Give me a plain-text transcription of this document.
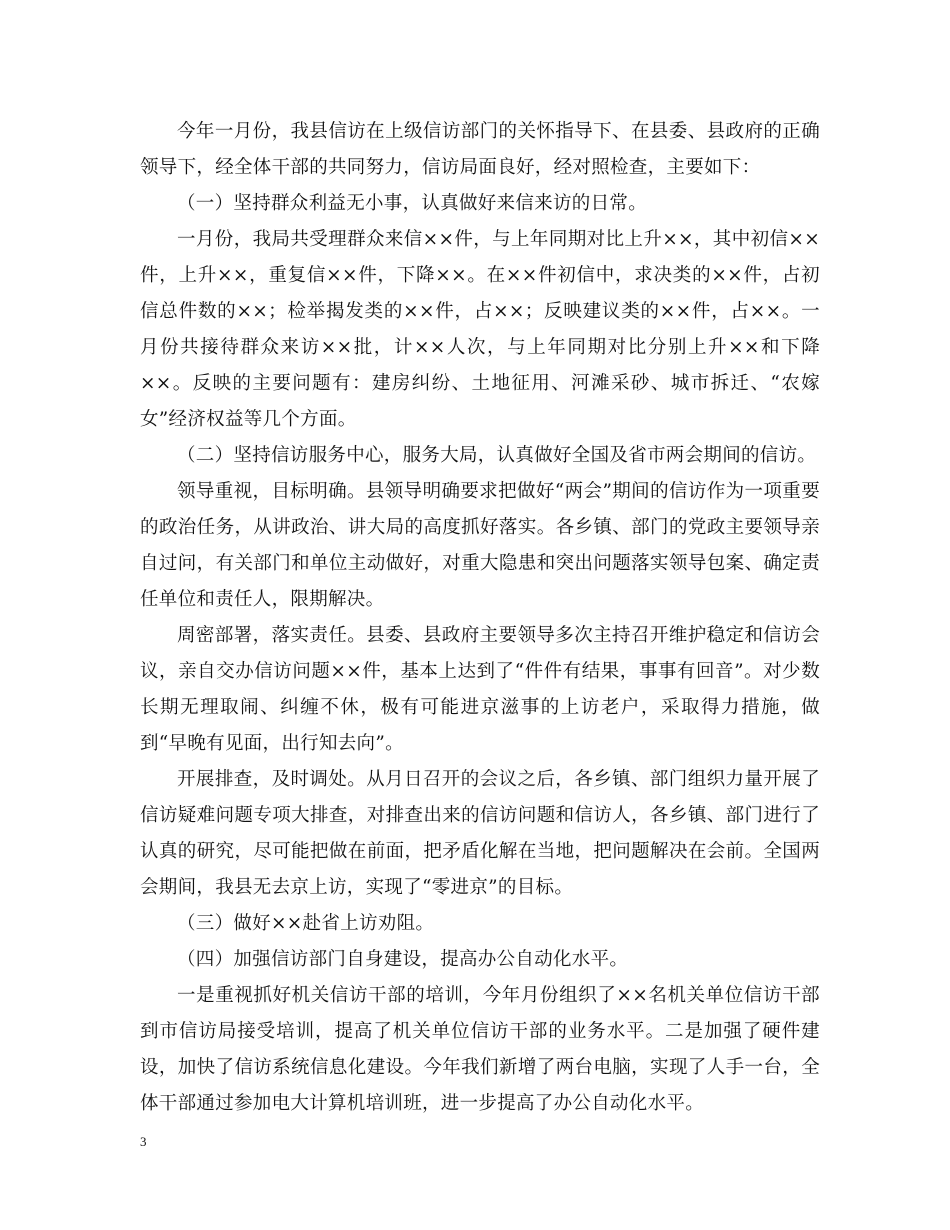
今年一月份，我县信访在上级信访部门的关怀指导下、在县委、县政府的正确领导下，经全体干部的共同努力，信访局面良好，经对照检查，主要如下：

（一）坚持群众利益无小事，认真做好来信来访的日常。

一月份，我局共受理群众来信××件，与上年同期对比上升××，其中初信××件，上升××，重复信××件，下降××。在××件初信中，求决类的××件，占初信总件数的××；检举揭发类的××件，占××；反映建议类的××件，占××。一月份共接待群众来访××批，计××人次，与上年同期对比分别上升××和下降××。反映的主要问题有：建房纠纷、土地征用、河滩采砂、城市拆迁、“农嫁女”经济权益等几个方面。

（二）坚持信访服务中心，服务大局，认真做好全国及省市两会期间的信访。

领导重视，目标明确。县领导明确要求把做好“两会”期间的信访作为一项重要的政治任务，从讲政治、讲大局的高度抓好落实。各乡镇、部门的党政主要领导亲自过问，有关部门和单位主动做好，对重大隐患和突出问题落实领导包案、确定责任单位和责任人，限期解决。

周密部署，落实责任。县委、县政府主要领导多次主持召开维护稳定和信访会议，亲自交办信访问题××件，基本上达到了“件件有结果，事事有回音”。对少数长期无理取闹、纠缠不休，极有可能进京滋事的上访老户，采取得力措施，做到“早晚有见面，出行知去向”。

开展排查，及时调处。从月日召开的会议之后，各乡镇、部门组织力量开展了信访疑难问题专项大排查，对排查出来的信访问题和信访人，各乡镇、部门进行了认真的研究，尽可能把做在前面，把矛盾化解在当地，把问题解决在会前。全国两会期间，我县无去京上访，实现了“零进京”的目标。

（三）做好××赴省上访劝阻。

（四）加强信访部门自身建设，提高办公自动化水平。

一是重视抓好机关信访干部的培训，今年月份组织了××名机关单位信访干部到市信访局接受培训，提高了机关单位信访干部的业务水平。二是加强了硬件建设，加快了信访系统信息化建设。今年我们新增了两台电脑，实现了人手一台，全体干部通过参加电大计算机培训班，进一步提高了办公自动化水平。

3
